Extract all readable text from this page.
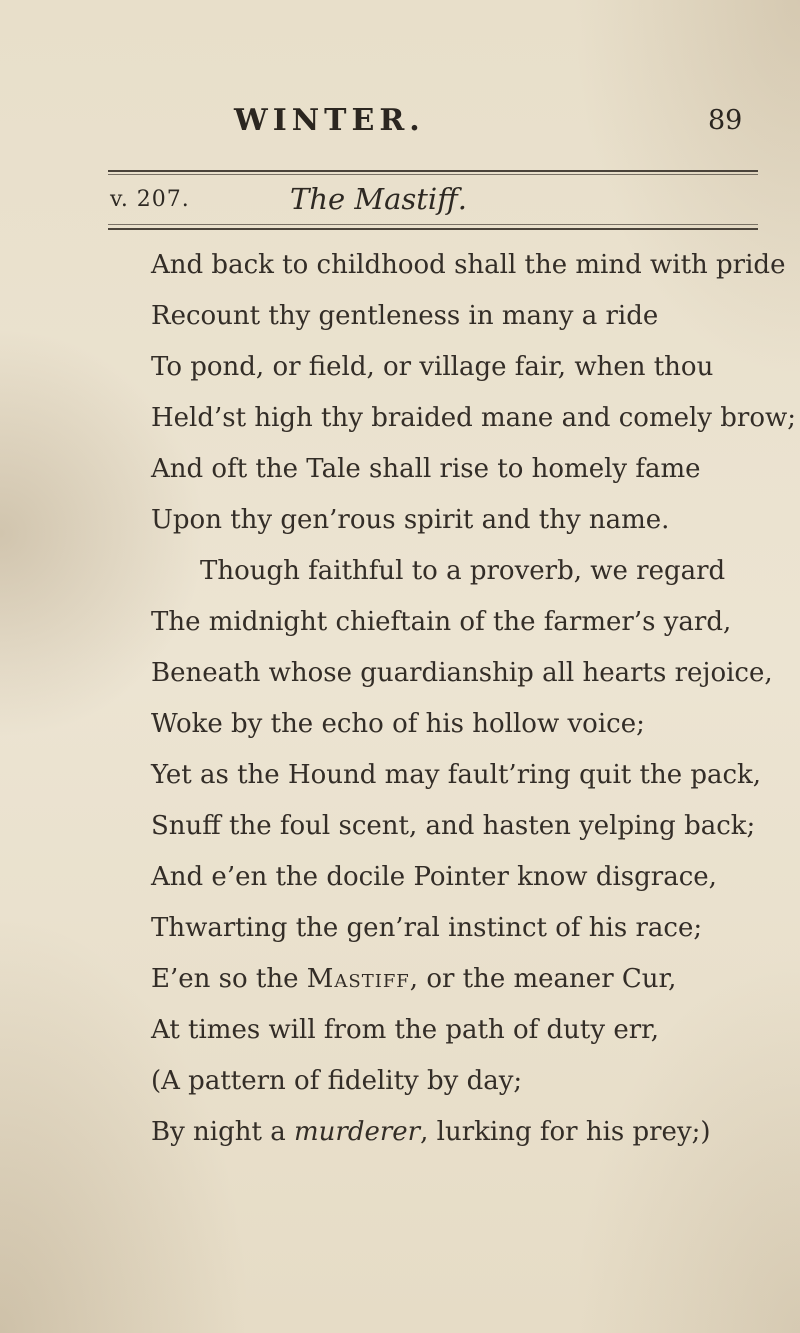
WINTER.	89
v. 207.	The Mastiff.
And back to childhood shall the mind with pride
Recount thy gentleness in many a ride
To pond, or field, or village fair, when thou
Held’st high thy braided mane and comely brow;
And oft the Tale shall rise to homely fame
Upon thy gen’rous spirit and thy name.
Though faithful to a proverb, we regard
The midnight chieftain of the farmer’s yard,
Beneath whose guardianship all hearts rejoice,
Woke by the echo of his hollow voice;
Yet as the Hound may fault’ring quit the pack,
Snuff the foul scent, and hasten yelping back;
And e’en the docile Pointer know disgrace,
Thwarting the gen’ral instinct of his race;
E’en so the Mastiff, or the meaner Cur,
At times will from the path of duty err,
(A pattern of fidelity by day;
By night a murderer, lurking for his prey;)
